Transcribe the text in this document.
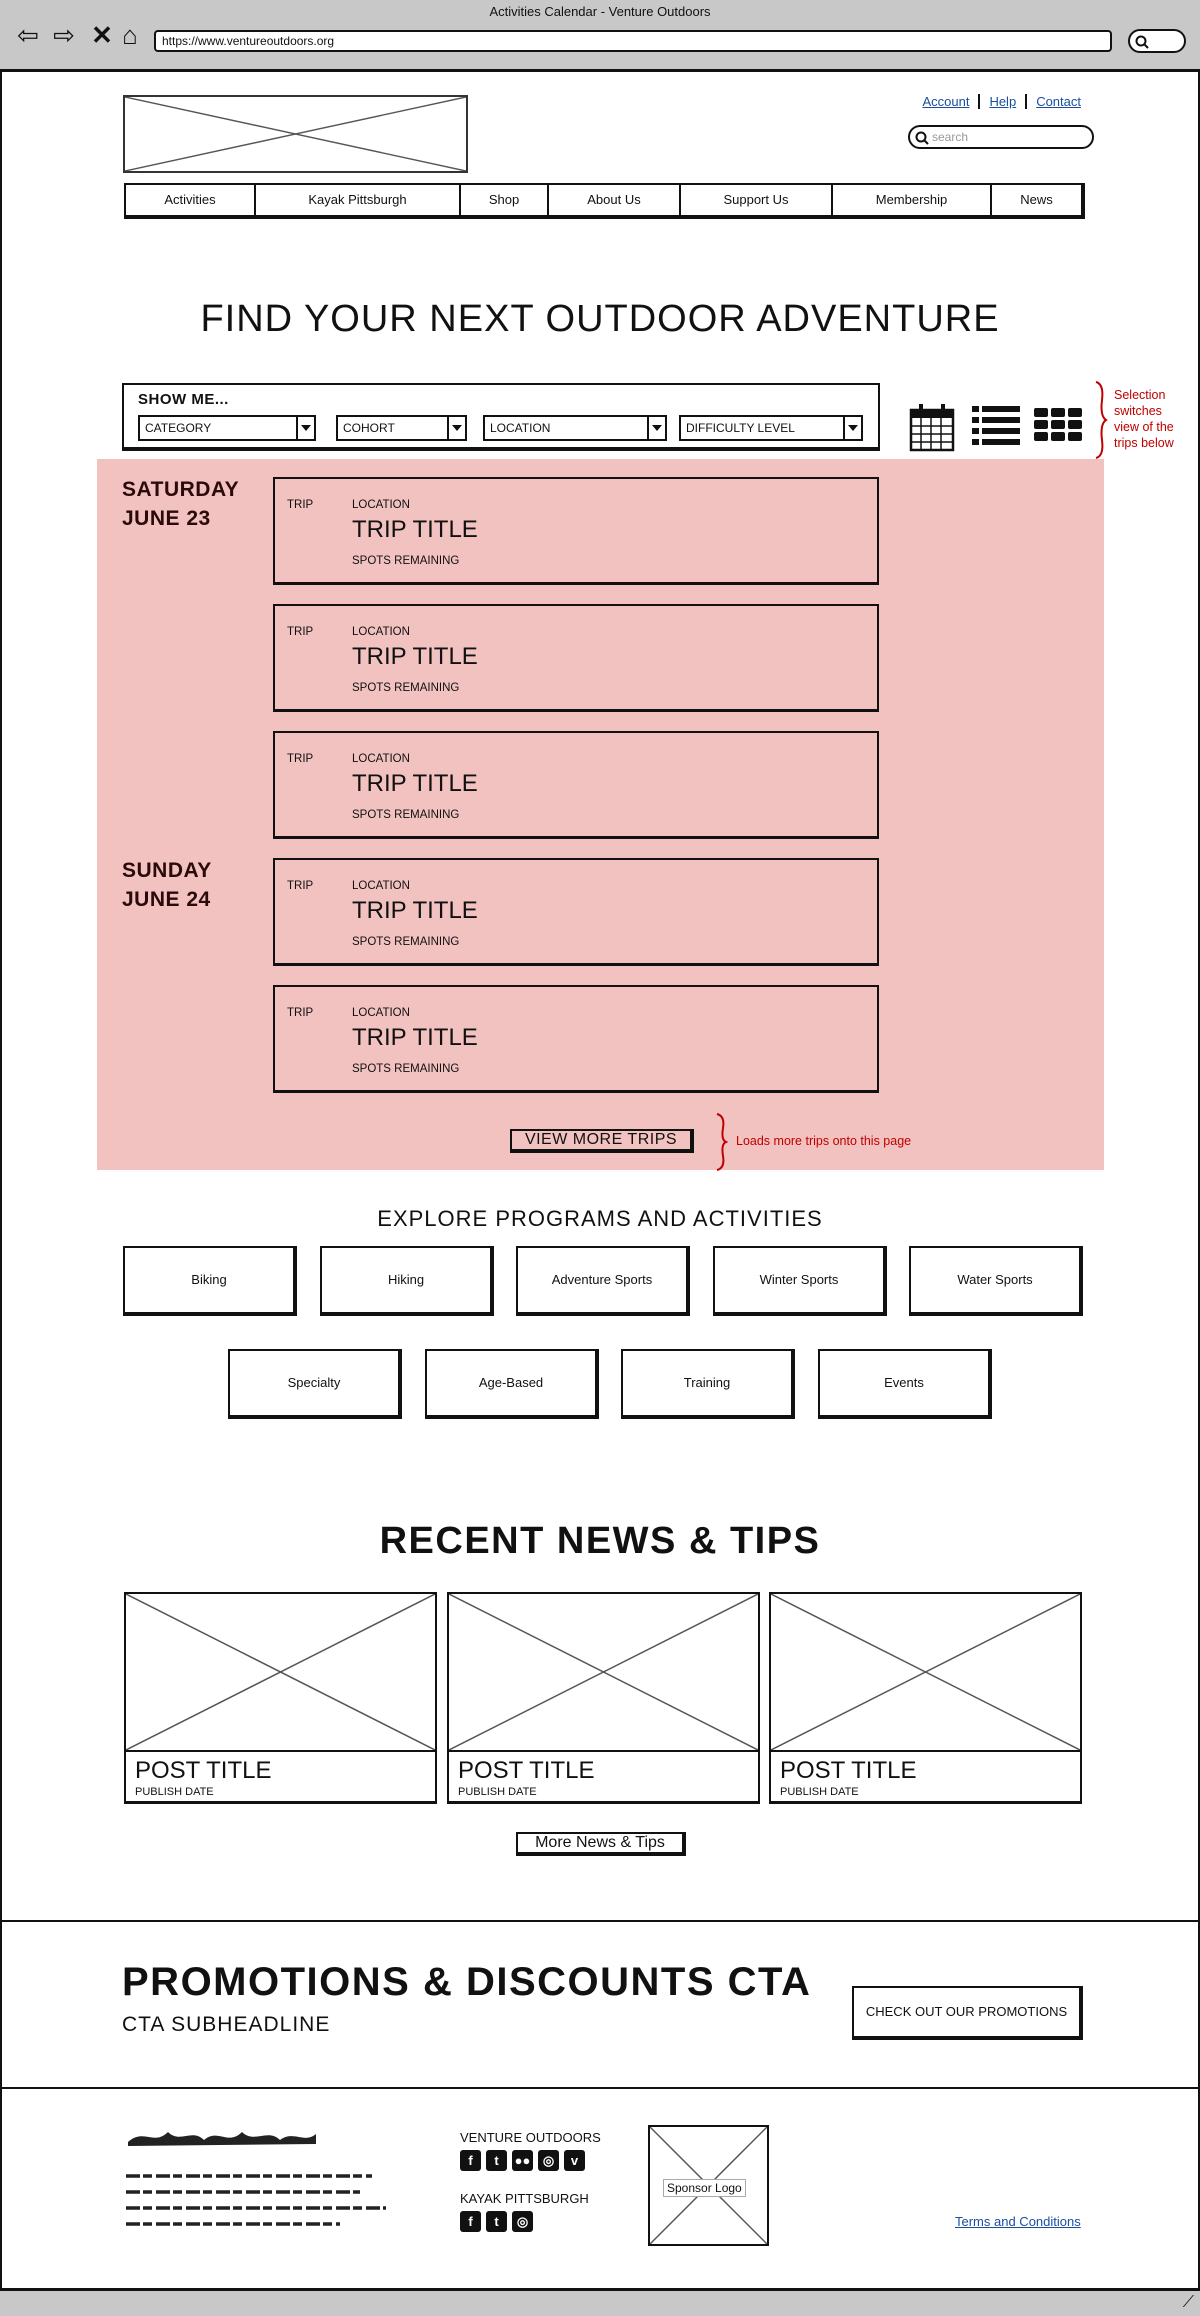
Activities Calendar - Venture Outdoors
⇦ ⇨ ✕ ⌂	https://www.ventureoutdoors.org
Account	Help	Contact
search
Activities	Kayak Pittsburgh	Shop	About Us	Support Us	Membership	News
FIND YOUR NEXT OUTDOOR ADVENTURE
SHOW ME...
CATEGORY	COHORT	LOCATION	DIFFICULTY LEVEL
Selection
switches
view of the
trips below
SATURDAY
JUNE 23
SUNDAY
JUNE 24
TRIP	LOCATION
TRIP TITLE
SPOTS REMAINING
TRIP	LOCATION
TRIP TITLE
SPOTS REMAINING
TRIP	LOCATION
TRIP TITLE
SPOTS REMAINING
TRIP	LOCATION
TRIP TITLE
SPOTS REMAINING
TRIP	LOCATION
TRIP TITLE
SPOTS REMAINING
VIEW MORE TRIPS	Loads more trips onto this page
EXPLORE PROGRAMS AND ACTIVITIES
Biking	Hiking	Adventure Sports	Winter Sports	Water Sports
Specialty	Age-Based	Training	Events
RECENT NEWS & TIPS
POST TITLE
PUBLISH DATE
POST TITLE
PUBLISH DATE
POST TITLE
PUBLISH DATE
More News & Tips
PROMOTIONS & DISCOUNTS CTA
CTA SUBHEADLINE
CHECK OUT OUR PROMOTIONS
VENTURE OUTDOORS
f	t	●● ◎	v
KAYAK PITTSBURGH
f	t	◎
Sponsor Logo
Terms and Conditions
⟋
